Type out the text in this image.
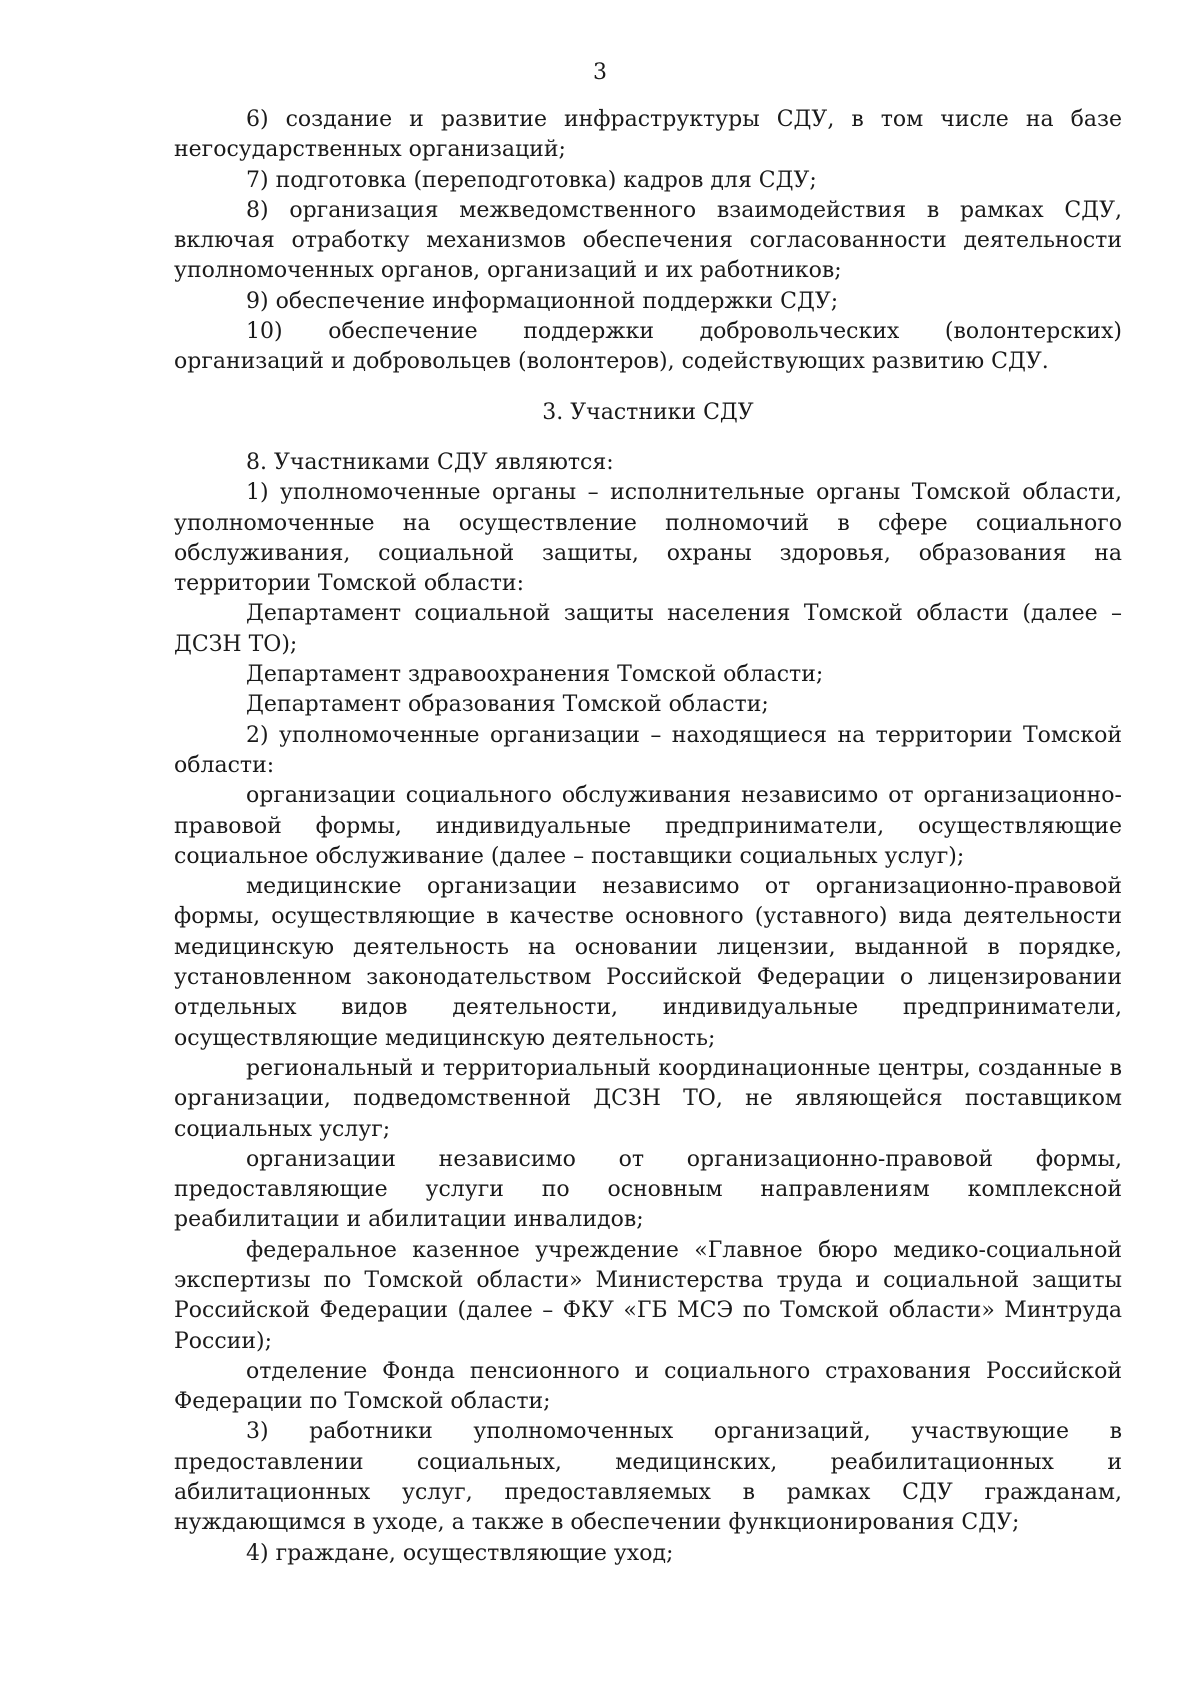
3

6) создание и развитие инфраструктуры СДУ, в том числе на базе негосударственных организаций;

7) подготовка (переподготовка) кадров для СДУ;

8) организация межведомственного взаимодействия в рамках СДУ, включая отработку механизмов обеспечения согласованности деятельности уполномоченных органов, организаций и их работников;

9) обеспечение информационной поддержки СДУ;

10) обеспечение поддержки добровольческих (волонтерских) организаций и добровольцев (волонтеров), содействующих развитию СДУ.

3. Участники СДУ

8. Участниками СДУ являются:

1) уполномоченные органы – исполнительные органы Томской области, уполномоченные на осуществление полномочий в сфере социального обслуживания, социальной защиты, охраны здоровья, образования на территории Томской области:

Департамент социальной защиты населения Томской области (далее – ДСЗН ТО);

Департамент здравоохранения Томской области;

Департамент образования Томской области;

2) уполномоченные организации – находящиеся на территории Томской области:

организации социального обслуживания независимо от организационно-правовой формы, индивидуальные предприниматели, осуществляющие социальное обслуживание (далее – поставщики социальных услуг);

медицинские организации независимо от организационно-правовой формы, осуществляющие в качестве основного (уставного) вида деятельности медицинскую деятельность на основании лицензии, выданной в порядке, установленном законодательством Российской Федерации о лицензировании отдельных видов деятельности, индивидуальные предприниматели, осуществляющие медицинскую деятельность;

региональный и территориальный координационные центры, созданные в организации, подведомственной ДСЗН ТО, не являющейся поставщиком социальных услуг;

организации независимо от организационно-правовой формы, предоставляющие услуги по основным направлениям комплексной реабилитации и абилитации инвалидов;

федеральное казенное учреждение «Главное бюро медико-социальной экспертизы по Томской области» Министерства труда и социальной защиты Российской Федерации (далее – ФКУ «ГБ МСЭ по Томской области» Минтруда России);

отделение Фонда пенсионного и социального страхования Российской Федерации по Томской области;

3) работники уполномоченных организаций, участвующие в предоставлении социальных, медицинских, реабилитационных и абилитационных услуг, предоставляемых в рамках СДУ гражданам, нуждающимся в уходе, а также в обеспечении функционирования СДУ;

4) граждане, осуществляющие уход;
